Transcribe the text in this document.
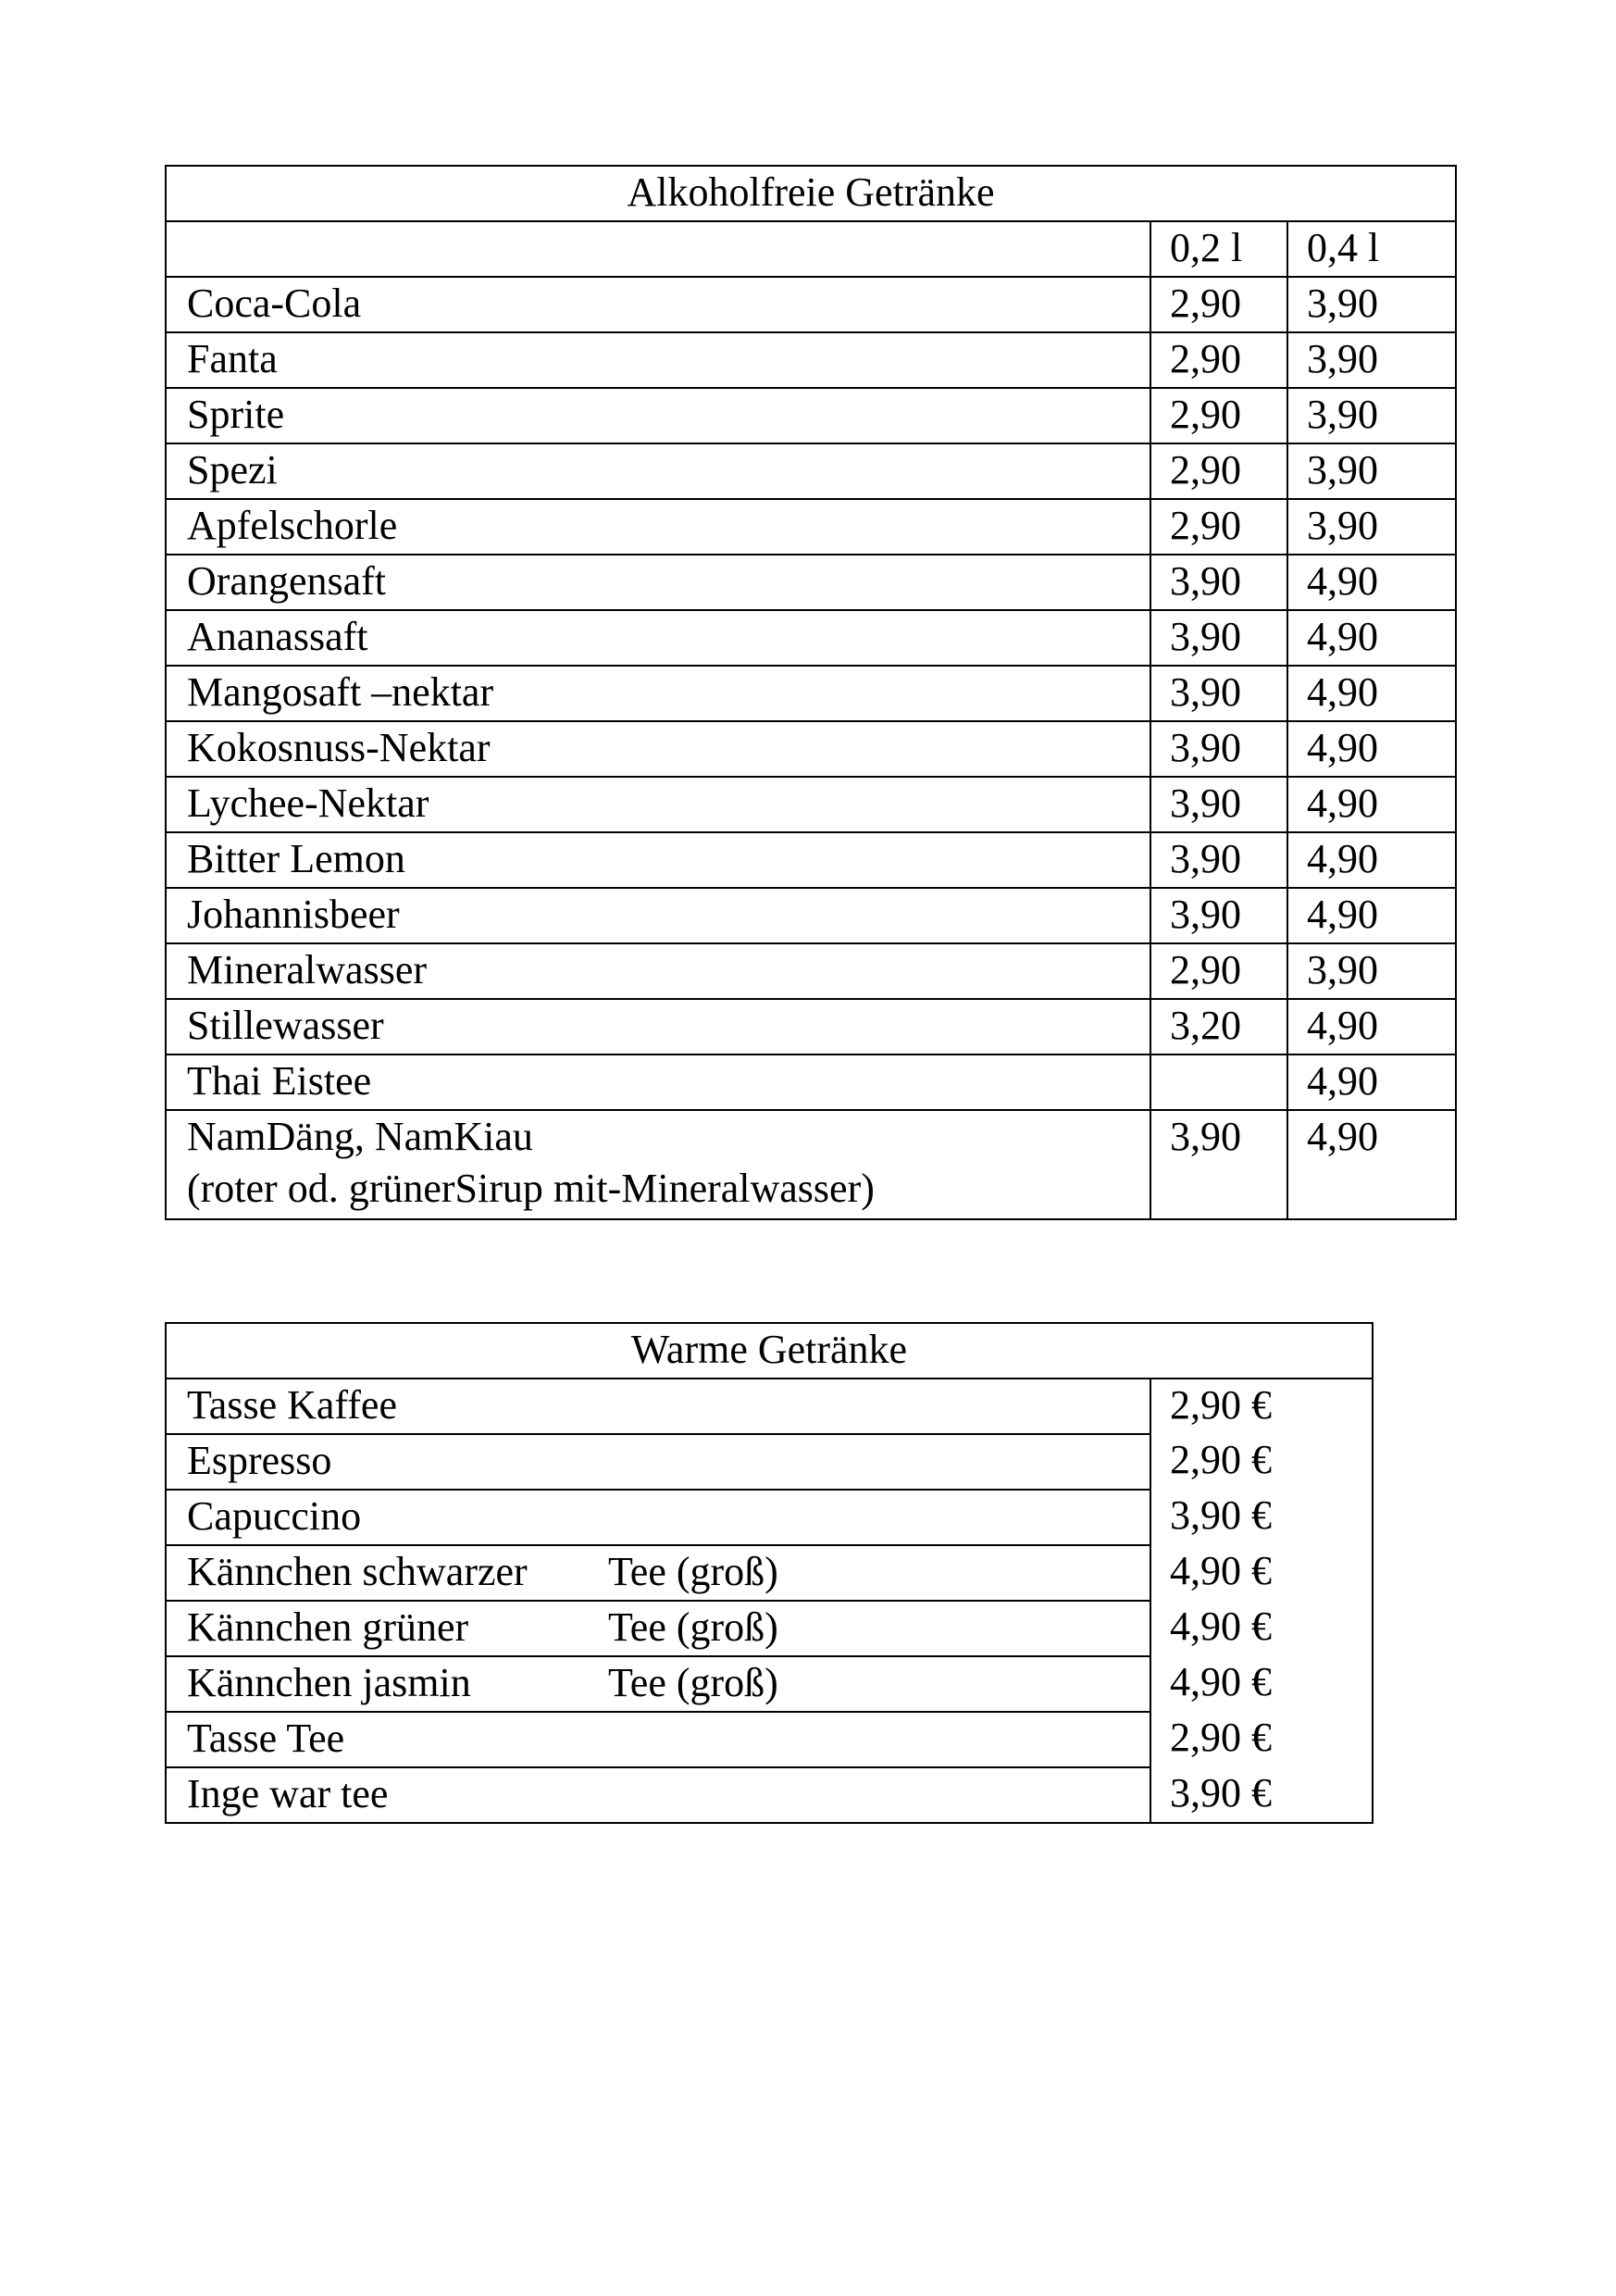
Alkoholfreie Getränke		
	0,2 l	0,4 l
Coca-Cola	2,90	3,90
Fanta	2,90	3,90
Sprite	2,90	3,90
Spezi	2,90	3,90
Apfelschorle	2,90	3,90
Orangensaft	3,90	4,90
Ananassaft	3,90	4,90
Mangosaft –nektar	3,90	4,90
Kokosnuss-Nektar	3,90	4,90
Lychee-Nektar	3,90	4,90
Bitter Lemon	3,90	4,90
Johannisbeer	3,90	4,90
Mineralwasser	2,90	3,90
Stillewasser	3,20	4,90
Thai Eistee		4,90

NamDäng, NamKiau
(roter od. grünerSirup mit-Mineralwasser)	3,90	4,90
Warme Getränke	
Tasse Kaffee	2,90 €
Espresso	2,90 €
Capuccino	3,90 €
Kännchen schwarzer Tee (groß)	4,90 €
Kännchen grüner Tee (groß)	4,90 €
Kännchen jasmin Tee (groß)	4,90 €
Tasse Tee	2,90 €
Inge war tee	3,90 €
